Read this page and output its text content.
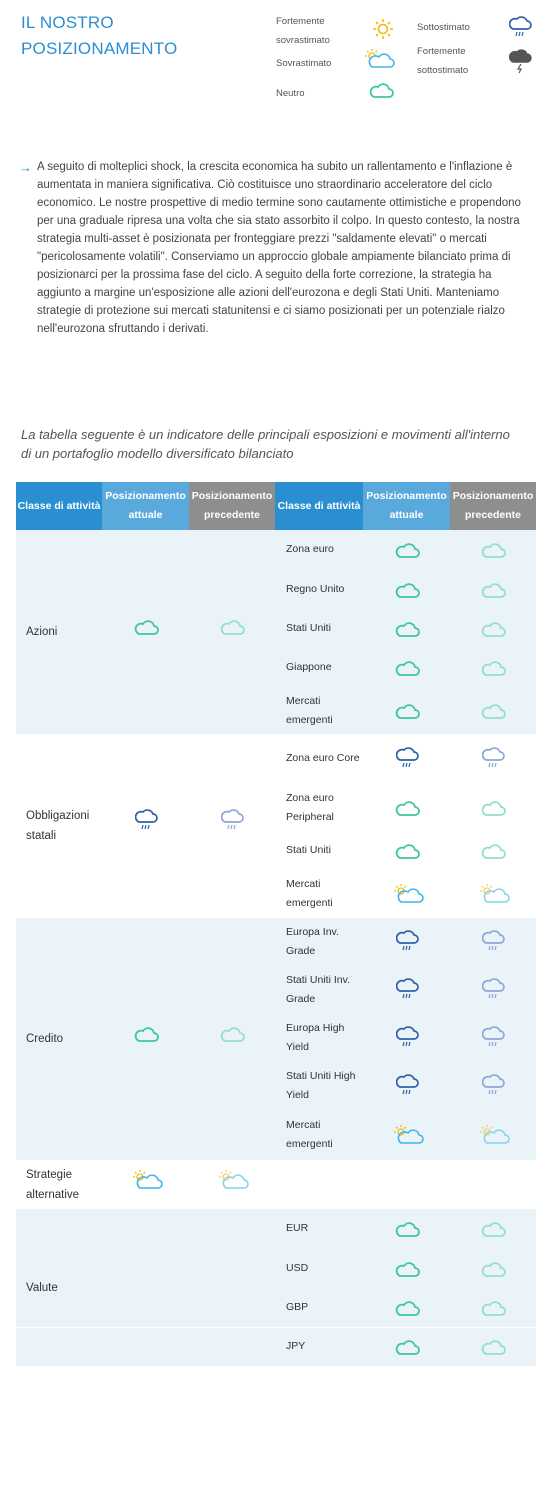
IL NOSTRO POSIZIONAMENTO
Fortemente sovrastimato
Sovrastimato
Neutro
Sottostimato
Fortemente sottostimato
→ A seguito di molteplici shock, la crescita economica ha subito un rallentamento e l'inflazione è aumentata in maniera significativa. Ciò costituisce uno straordinario acceleratore del ciclo economico. Le nostre prospettive di medio termine sono cautamente ottimistiche e propendono per una graduale ripresa una volta che sia stato assorbito il colpo. In questo contesto, la nostra strategia multi-asset è posizionata per fronteggiare prezzi "saldamente elevati" o mercati "pericolosamente volatili". Conserviamo un approccio globale ampiamente bilanciato prima di posizionarci per la prossima fase del ciclo. A seguito della forte correzione, la strategia ha aggiunto a margine un'esposizione alle azioni dell'eurozona e degli Stati Uniti. Manteniamo strategie di protezione sui mercati statunitensi e ci siamo posizionati per un potenziale rialzo nell'eurozona sfruttando i derivati.
La tabella seguente è un indicatore delle principali esposizioni e movimenti all'interno di un portafoglio modello diversificato bilanciato
Classe di attività
Posizionamento attuale
Posizionamento precedente
Classe di attività
Posizionamento attuale
Posizionamento precedente
Azioni
Zona euro
Regno Unito
Stati Uniti
Giappone
Mercati emergenti
Obbligazioni statali
Zona euro Core
Zona euro Peripheral
Stati Uniti
Mercati emergenti
Credito
Europa Inv. Grade
Stati Uniti Inv. Grade
Europa High Yield
Stati Uniti High Yield
Mercati emergenti
Strategie alternative
Valute
EUR
USD
GBP
JPY
